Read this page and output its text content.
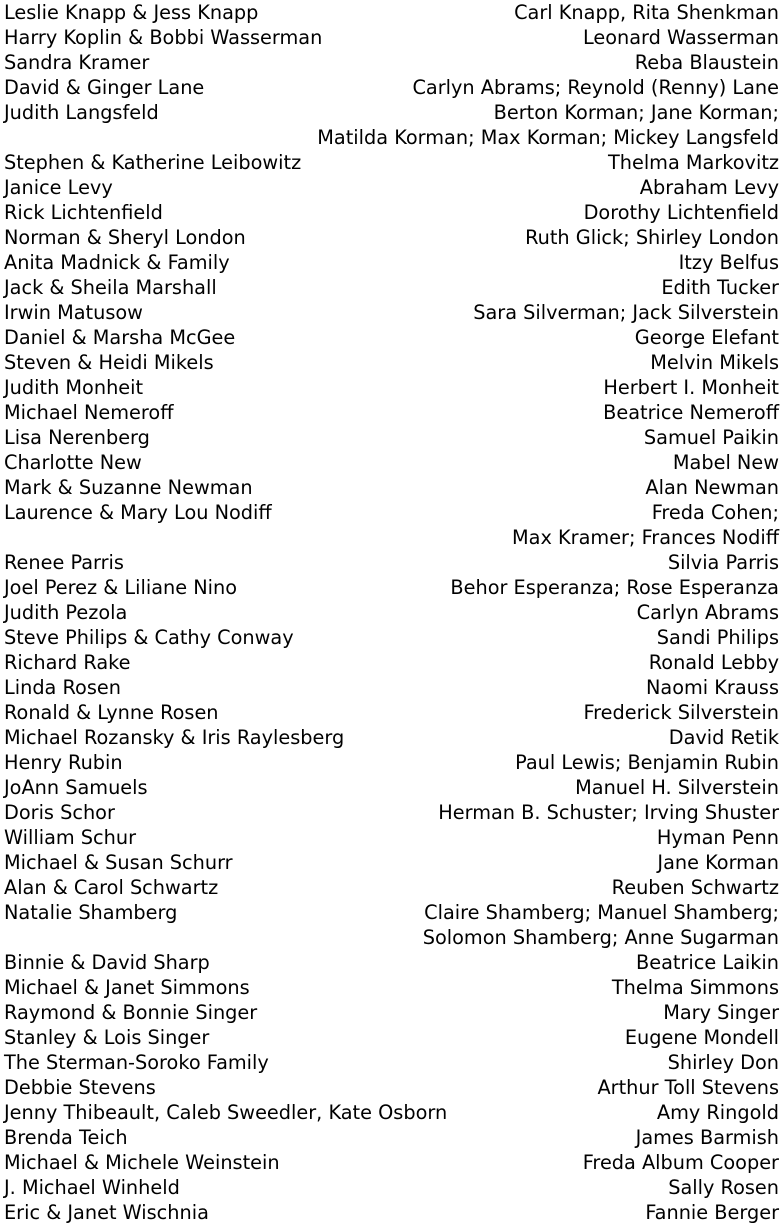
Leslie Knapp & Jess Knapp	Carl Knapp, Rita Shenkman
Harry Koplin & Bobbi Wasserman	Leonard Wasserman
Sandra Kramer	Reba Blaustein
David & Ginger Lane	Carlyn Abrams; Reynold (Renny) Lane
Judith Langsfeld	Berton Korman; Jane Korman;
Matilda Korman; Max Korman; Mickey Langsfeld
Stephen & Katherine Leibowitz	Thelma Markovitz
Janice Levy	Abraham Levy
Rick Lichtenfield	Dorothy Lichtenfield
Norman & Sheryl London	Ruth Glick; Shirley London
Anita Madnick & Family	Itzy Belfus
Jack & Sheila Marshall	Edith Tucker
Irwin Matusow	Sara Silverman; Jack Silverstein
Daniel & Marsha McGee	George Elefant
Steven & Heidi Mikels	Melvin Mikels
Judith Monheit	Herbert I. Monheit
Michael Nemeroff	Beatrice Nemeroff
Lisa Nerenberg	Samuel Paikin
Charlotte New	Mabel New
Mark & Suzanne Newman	Alan Newman
Laurence & Mary Lou Nodiff	Freda Cohen;
Max Kramer; Frances Nodiff
Renee Parris	Silvia Parris
Joel Perez & Liliane Nino	Behor Esperanza; Rose Esperanza
Judith Pezola	Carlyn Abrams
Steve Philips & Cathy Conway	Sandi Philips
Richard Rake	Ronald Lebby
Linda Rosen	Naomi Krauss
Ronald & Lynne Rosen	Frederick Silverstein
Michael Rozansky & Iris Raylesberg	David Retik
Henry Rubin	Paul Lewis; Benjamin Rubin
JoAnn Samuels	Manuel H. Silverstein
Doris Schor	Herman B. Schuster; Irving Shuster
William Schur	Hyman Penn
Michael & Susan Schurr	Jane Korman
Alan & Carol Schwartz	Reuben Schwartz
Natalie Shamberg	Claire Shamberg; Manuel Shamberg;
Solomon Shamberg; Anne Sugarman
Binnie & David Sharp	Beatrice Laikin
Michael & Janet Simmons	Thelma Simmons
Raymond & Bonnie Singer	Mary Singer
Stanley & Lois Singer	Eugene Mondell
The Sterman-Soroko Family	Shirley Don
Debbie Stevens	Arthur Toll Stevens
Jenny Thibeault, Caleb Sweedler, Kate Osborn	Amy Ringold
Brenda Teich	James Barmish
Michael & Michele Weinstein	Freda Album Cooper
J. Michael Winheld	Sally Rosen
Eric & Janet Wischnia	Fannie Berger
